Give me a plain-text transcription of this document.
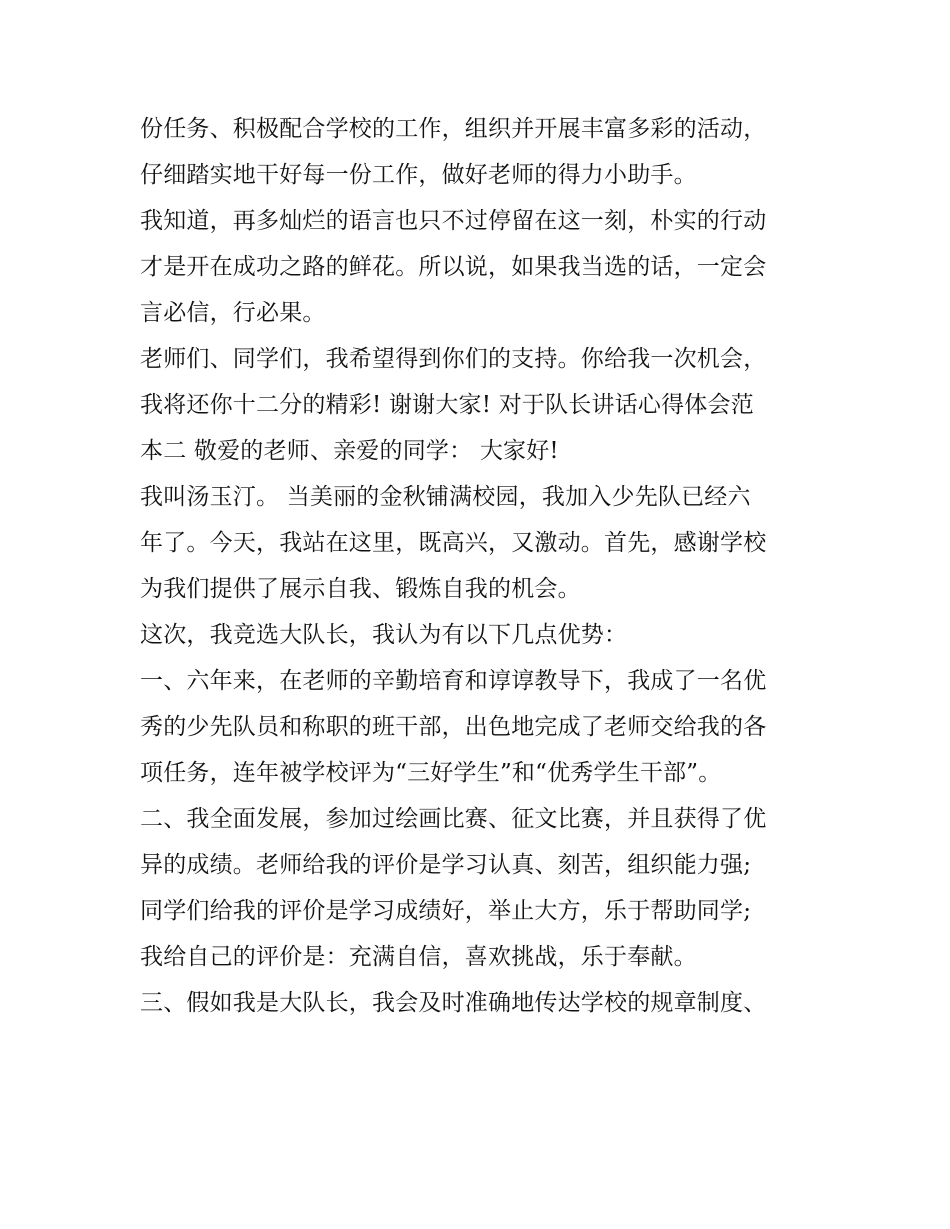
份任务、积极配合学校的工作，组织并开展丰富多彩的活动，
仔细踏实地干好每一份工作，做好老师的得力小助手。
我知道，再多灿烂的语言也只不过停留在这一刻，朴实的行动
才是开在成功之路的鲜花。所以说，如果我当选的话，一定会
言必信，行必果。
老师们、同学们，我希望得到你们的支持。你给我一次机会，
我将还你十二分的精彩! 谢谢大家! 对于队长讲话心得体会范
本二 敬爱的老师、亲爱的同学： 大家好!
我叫汤玉汀。 当美丽的金秋铺满校园，我加入少先队已经六
年了。今天，我站在这里，既高兴，又激动。首先，感谢学校
为我们提供了展示自我、锻炼自我的机会。
这次，我竞选大队长，我认为有以下几点优势：
一、六年来，在老师的辛勤培育和谆谆教导下，我成了一名优
秀的少先队员和称职的班干部，出色地完成了老师交给我的各
项任务，连年被学校评为“三好学生”和“优秀学生干部”。
二、我全面发展，参加过绘画比赛、征文比赛，并且获得了优
异的成绩。老师给我的评价是学习认真、刻苦，组织能力强;
同学们给我的评价是学习成绩好，举止大方，乐于帮助同学;
我给自己的评价是：充满自信，喜欢挑战，乐于奉献。
三、假如我是大队长，我会及时准确地传达学校的规章制度、
